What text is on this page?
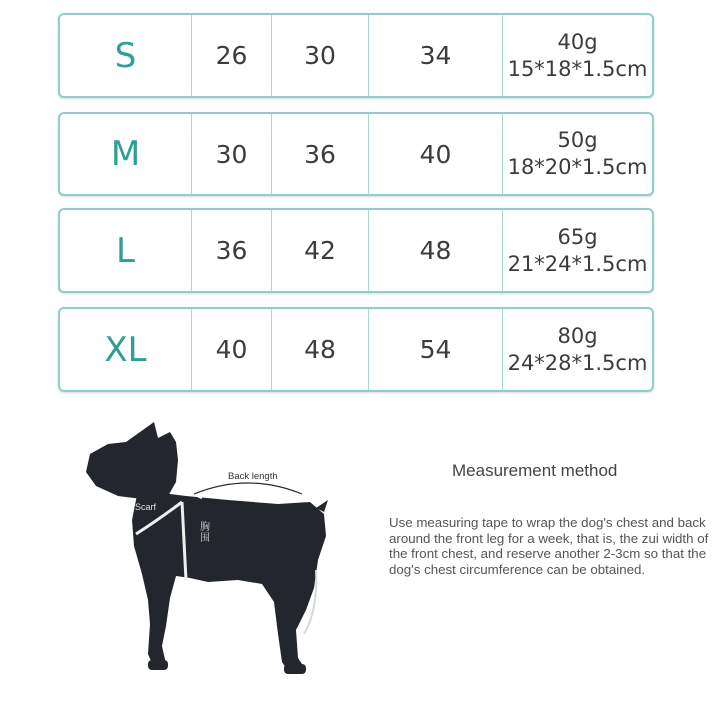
S	26	30	34	40g
15*18*1.5cm
M	30	36	40	50g
18*20*1.5cm
L	36	42	48	65g
21*24*1.5cm
XL	40	48	54	80g
24*28*1.5cm
Scarf
Back length
胸围
Measurement method
Use measuring tape to wrap the dog's chest and back around the front leg for a week, that is, the zui width of the front chest, and reserve another 2-3cm so that the dog's chest circumference can be obtained.
